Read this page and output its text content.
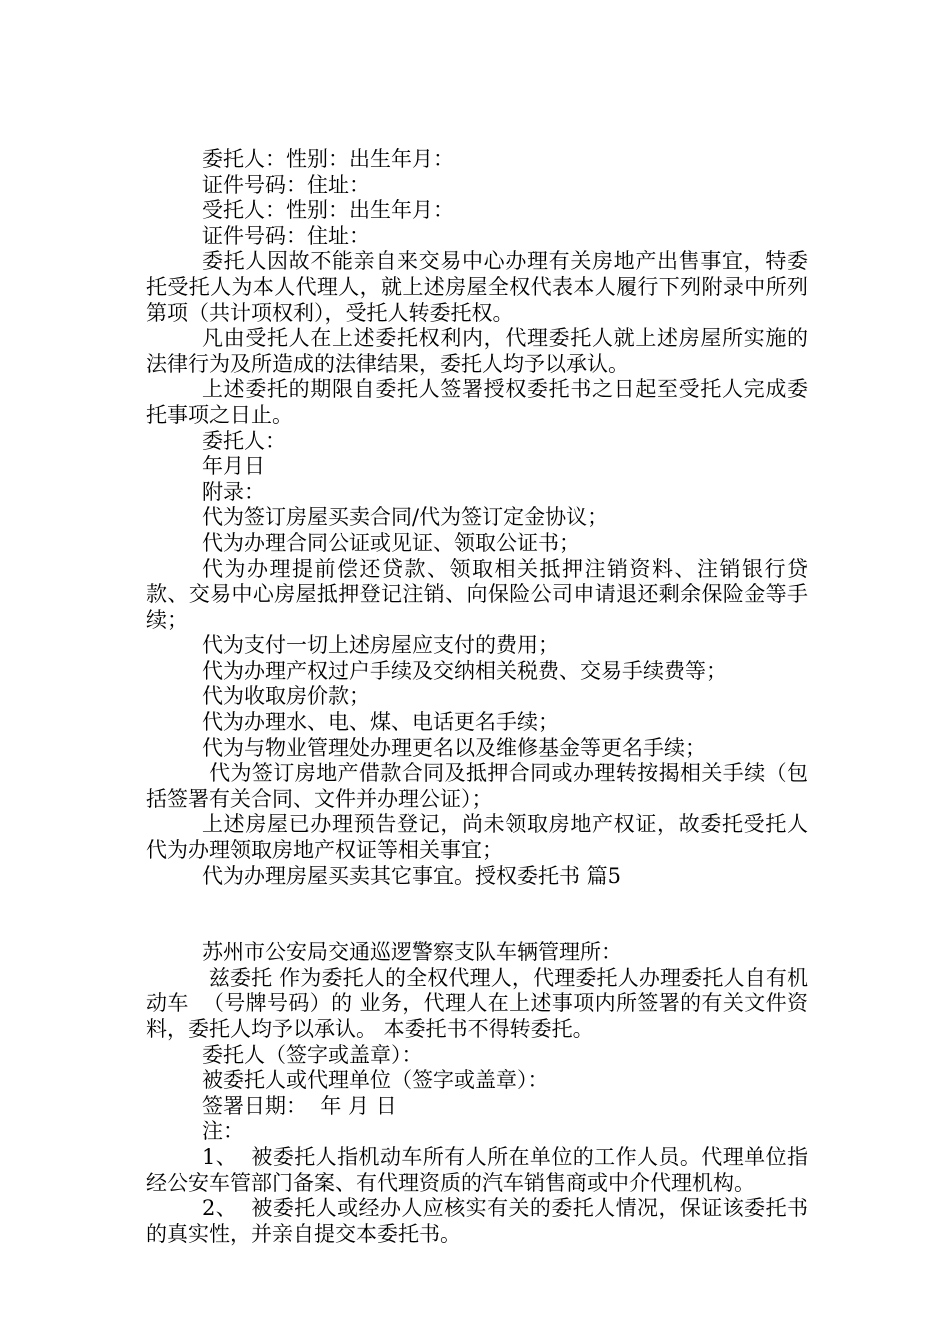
委托人：性别：出生年月：

证件号码：住址：

受托人：性别：出生年月：

证件号码：住址：

委托人因故不能亲自来交易中心办理有关房地产出售事宜，特委托受托人为本人代理人，就上述房屋全权代表本人履行下列附录中所列第项（共计项权利），受托人转委托权。

凡由受托人在上述委托权利内，代理委托人就上述房屋所实施的法律行为及所造成的法律结果，委托人均予以承认。

上述委托的期限自委托人签署授权委托书之日起至受托人完成委托事项之日止。

委托人：

年月日

附录：

代为签订房屋买卖合同/代为签订定金协议；

代为办理合同公证或见证、领取公证书；

代为办理提前偿还贷款、领取相关抵押注销资料、注销银行贷款、交易中心房屋抵押登记注销、向保险公司申请退还剩余保险金等手续；

代为支付一切上述房屋应支付的费用；

代为办理产权过户手续及交纳相关税费、交易手续费等；

代为收取房价款；

代为办理水、电、煤、电话更名手续；

代为与物业管理处办理更名以及维修基金等更名手续；

代为签订房地产借款合同及抵押合同或办理转按揭相关手续（包括签署有关合同、文件并办理公证）；

上述房屋已办理预告登记，尚未领取房地产权证，故委托受托人代为办理领取房地产权证等相关事宜；

代为办理房屋买卖其它事宜。授权委托书 篇5

苏州市公安局交通巡逻警察支队车辆管理所：

兹委托 作为委托人的全权代理人，代理委托人办理委托人自有机动车  （号牌号码）的 业务，代理人在上述事项内所签署的有关文件资料，委托人均予以承认。 本委托书不得转委托。

委托人（签字或盖章）：

被委托人或代理单位（签字或盖章）：

签署日期：  年 月 日

注：

1、  被委托人指机动车所有人所在单位的工作人员。代理单位指经公安车管部门备案、有代理资质的汽车销售商或中介代理机构。

2、  被委托人或经办人应核实有关的委托人情况，保证该委托书的真实性，并亲自提交本委托书。
